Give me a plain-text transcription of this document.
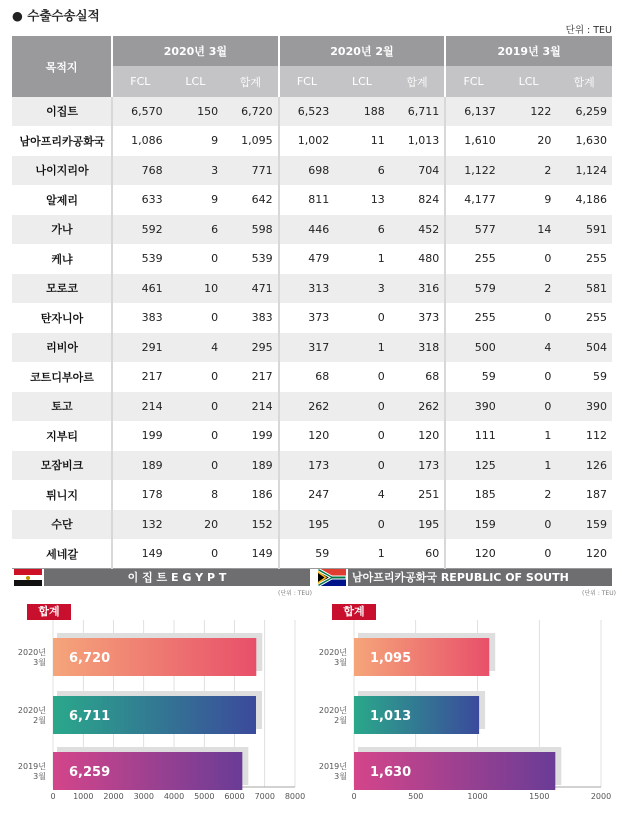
● 수출수송실적
단위 : TEU
목적지	2020년 3월			2020년 2월			2019년 3월		
	FCL	LCL	합계	FCL	LCL	합계	FCL	LCL	합계
이집트	6,570	150	6,720	6,523	188	6,711	6,137	122	6,259
남아프리카공화국	1,086	9	1,095	1,002	11	1,013	1,610	20	1,630
나이지리아	768	3	771	698	6	704	1,122	2	1,124
알제리	633	9	642	811	13	824	4,177	9	4,186
가나	592	6	598	446	6	452	577	14	591
케냐	539	0	539	479	1	480	255	0	255
모로코	461	10	471	313	3	316	579	2	581
탄자니아	383	0	383	373	0	373	255	0	255
리비아	291	4	295	317	1	318	500	4	504
코트디부아르	217	0	217	68	0	68	59	0	59
토고	214	0	214	262	0	262	390	0	390
지부티	199	0	199	120	0	120	111	1	112
모잠비크	189	0	189	173	0	173	125	1	126
튀니지	178	8	186	247	4	251	185	2	187
수단	132	20	152	195	0	195	159	0	159
세네갈	149	0	149	59	1	60	120	0	120
이 집 트 E G Y P T
(단위 : TEU)
합계
0 1000 2000 3000 4000 5000 6000 7000 8000
6,720
2020년 3월
6,711
2020년 2월
6,259
2019년 3월
남아프리카공화국 REPUBLIC OF SOUTH AFRICA	(단위 : TEU)
합계
0	500	1000	1500	2000
1,095
2020년 3월
1,013
2020년 2월
1,630
2019년 3월
